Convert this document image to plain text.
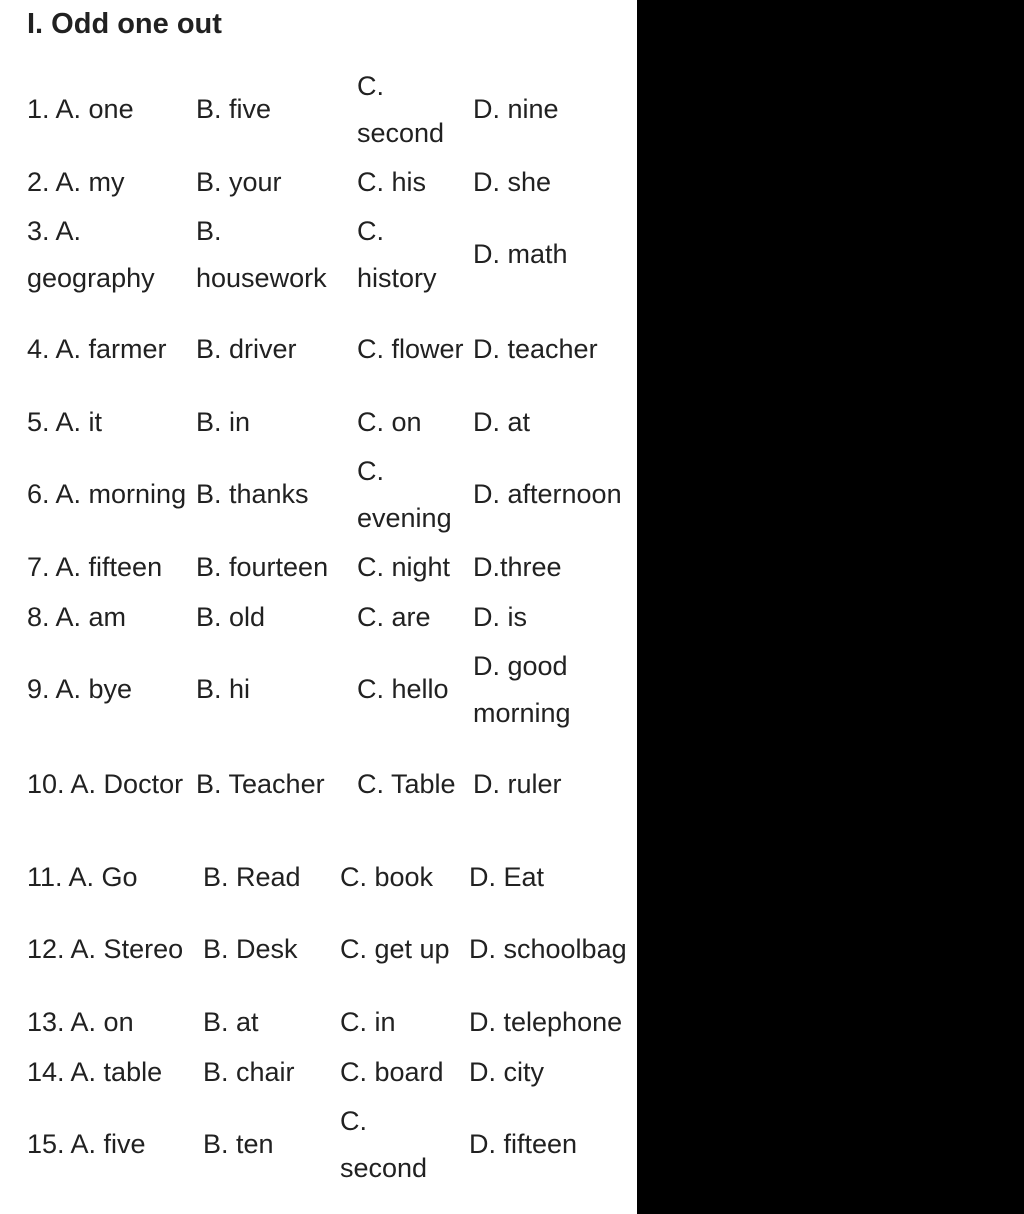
I. Odd one out
1. A. one	B. five	C. second	D. nine
2. A. my	B. your	C. his	D. she
3. A. geography	B. housework	C. history	D. math
4. A. farmer	B. driver	C. flower	D. teacher
5. A. it	B. in	C. on	D. at
6. A. morning	B. thanks	C. evening	D. afternoon
7. A. fifteen	B. fourteen	C. night	D.three
8. A. am	B. old	C. are	D. is
9. A. bye	B. hi	C. hello	D. good morning
10. A. Doctor	B. Teacher	C. Table	D. ruler
11. A. Go	B. Read	C. book	D. Eat
12. A. Stereo	B. Desk	C. get up	D. schoolbag
13. A. on	B. at	C. in	D. telephone
14. A. table	B. chair	C. board	D. city
15. A. five	B. ten	C. second	D. fifteen
